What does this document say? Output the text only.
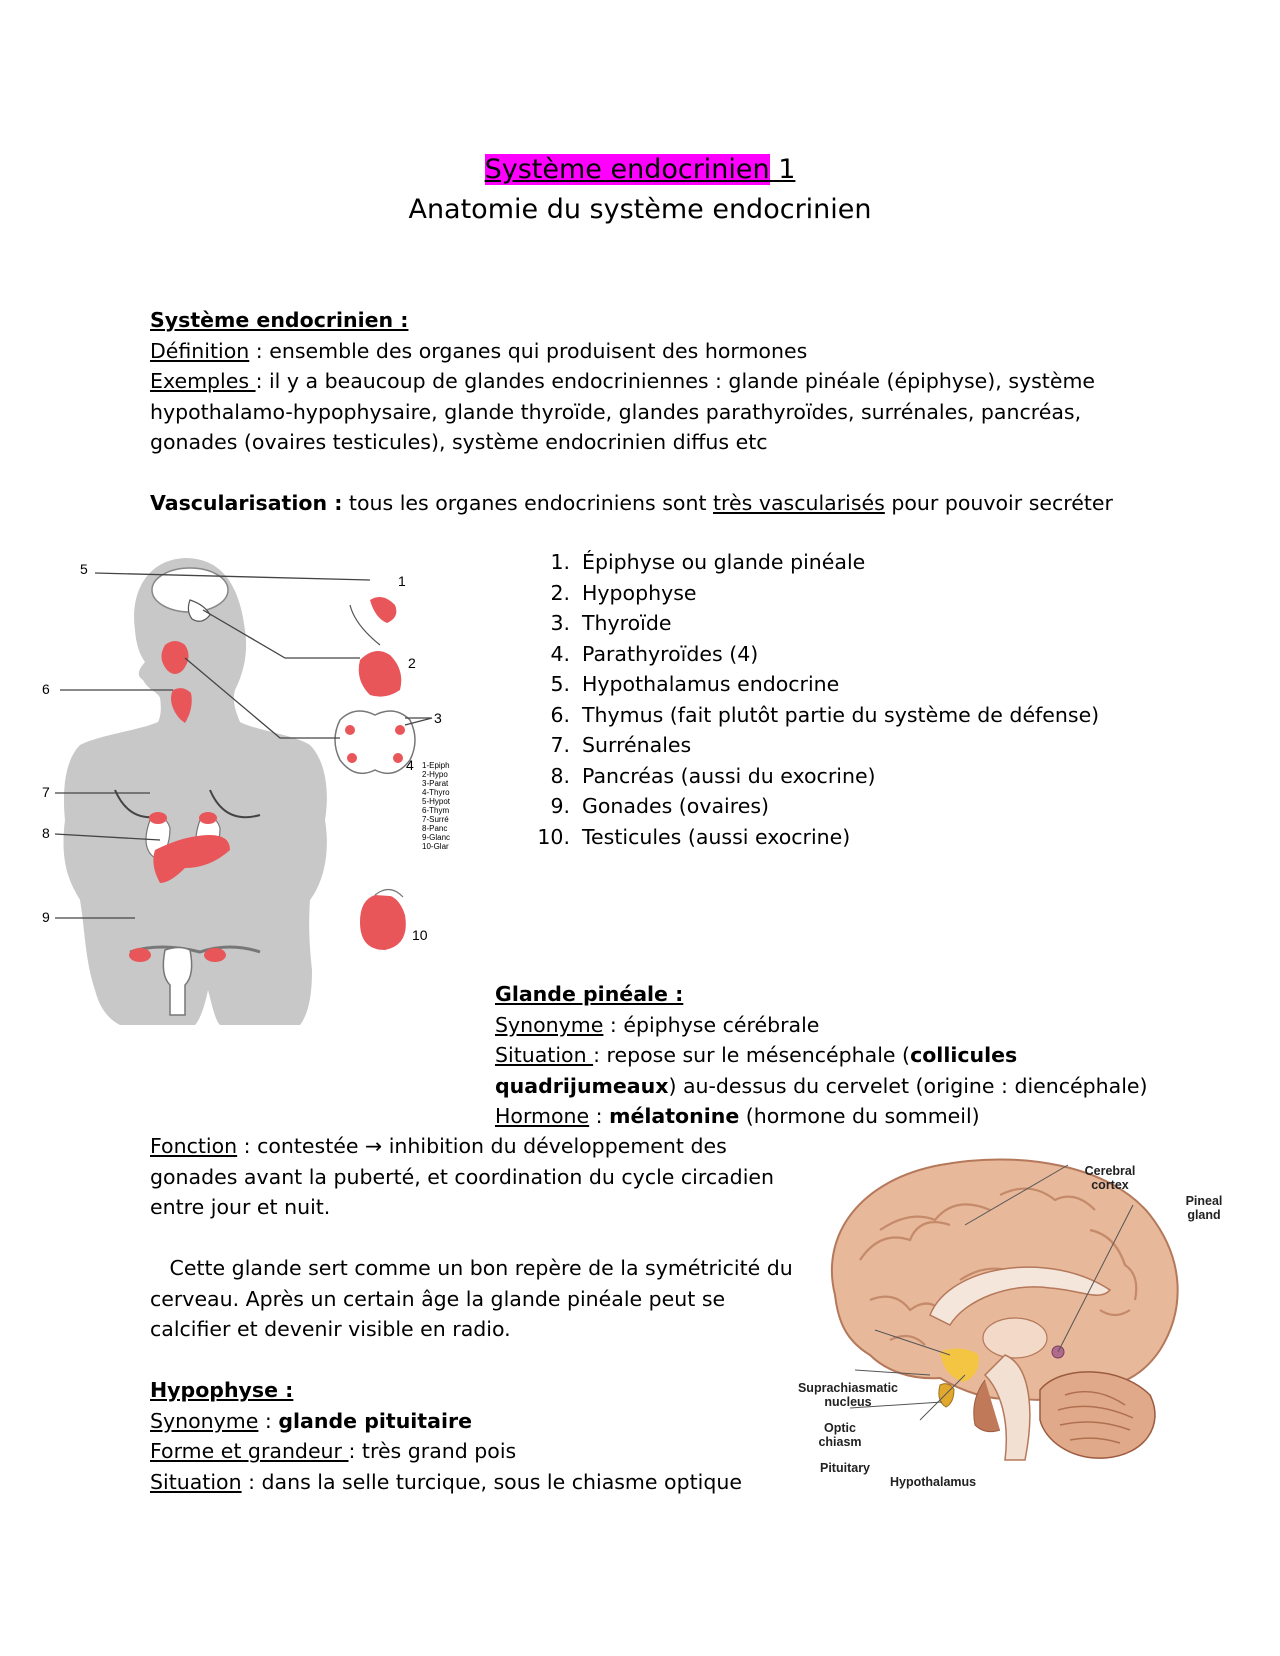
Système endocrinien 1
Anatomie du système endocrinien
Système endocrinien :
Définition : ensemble des organes qui produisent des hormones
Exemples : il y a beaucoup de glandes endocriniennes : glande pinéale (épiphyse), système
hypothalamo-hypophysaire, glande thyroïde, glandes parathyroïdes, surrénales, pancréas,
gonades (ovaires testicules), système endocrinien diffus etc
Vascularisation : tous les organes endocriniens sont très vascularisés pour pouvoir secréter
1. Épiphyse ou glande pinéale
2. Hypophyse
3. Thyroïde
4. Parathyroïdes (4)
5. Hypothalamus endocrine
6. Thymus (fait plutôt partie du système de défense)
7. Surrénales
8. Pancréas (aussi du exocrine)
9. Gonades (ovaires)
10. Testicules (aussi exocrine)
5
1
2
3
4
6
7
8
9
10
1-Epiph
2-Hypo
3-Parat
4-Thyro
5-Hypot
6-Thym
7-Surré
8-Panc
9-Glanc
10-Glar
Glande pinéale :
Synonyme : épiphyse cérébrale
Situation : repose sur le mésencéphale (collicules
quadrijumeaux) au-dessus du cervelet (origine : diencéphale)
Hormone : mélatonine (hormone du sommeil)
Fonction : contestée → inhibition du développement des
gonades avant la puberté, et coordination du cycle circadien
entre jour et nuit.
Cette glande sert comme un bon repère de la symétricité du
cerveau. Après un certain âge la glande pinéale peut se
calcifier et devenir visible en radio.
Hypophyse :
Synonyme : glande pituitaire
Forme et grandeur : très grand pois
Situation : dans la selle turcique, sous le chiasme optique
Cerebral
cortex
Pineal
gland
Suprachiasmatic
nucleus
Optic
chiasm
Pituitary
Hypothalamus
